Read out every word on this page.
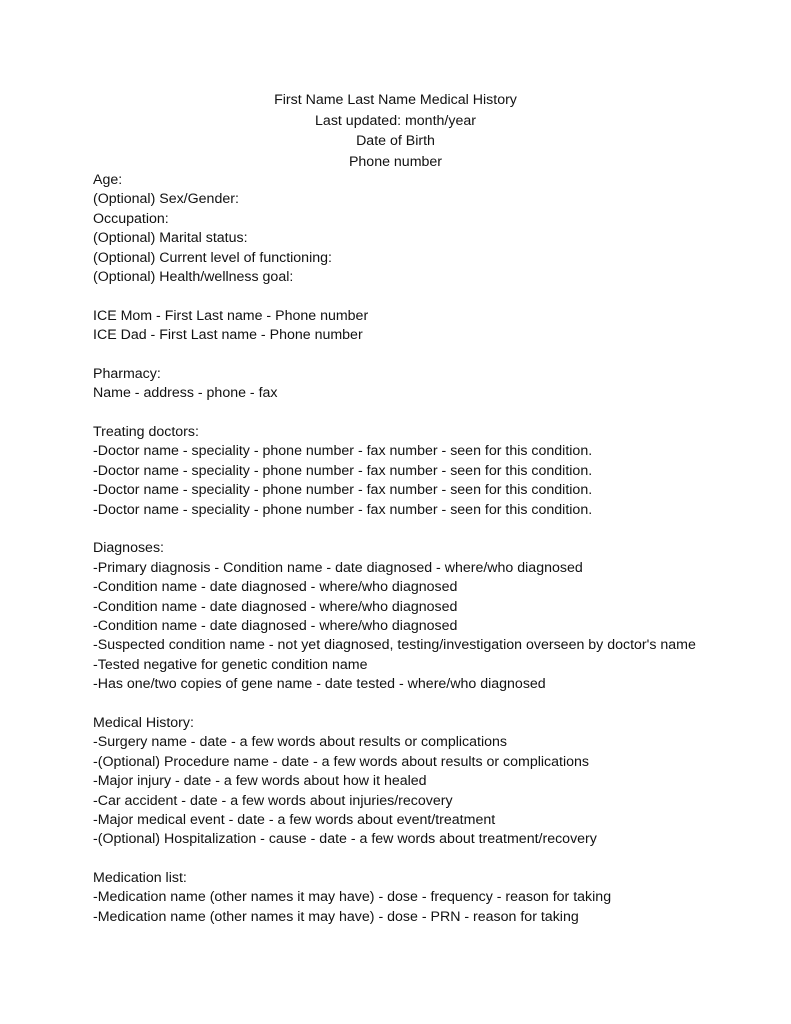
First Name Last Name Medical History
Last updated: month/year
Date of Birth
Phone number
Age:
(Optional) Sex/Gender:
Occupation:
(Optional) Marital status:
(Optional) Current level of functioning:
(Optional) Health/wellness goal:
ICE Mom - First Last name - Phone number
ICE Dad - First Last name - Phone number
Pharmacy:
Name - address - phone - fax
Treating doctors:
-Doctor name - speciality - phone number - fax number - seen for this condition.
-Doctor name - speciality - phone number - fax number - seen for this condition.
-Doctor name - speciality - phone number - fax number - seen for this condition.
-Doctor name - speciality - phone number - fax number - seen for this condition.
Diagnoses:
-Primary diagnosis - Condition name - date diagnosed - where/who diagnosed
-Condition name - date diagnosed - where/who diagnosed
-Condition name - date diagnosed - where/who diagnosed
-Condition name - date diagnosed - where/who diagnosed
-Suspected condition name - not yet diagnosed, testing/investigation overseen by doctor's name
-Tested negative for genetic condition name
-Has one/two copies of gene name - date tested - where/who diagnosed
Medical History:
-Surgery name - date - a few words about results or complications
-(Optional) Procedure name - date - a few words about results or complications
-Major injury - date - a few words about how it healed
-Car accident - date - a few words about injuries/recovery
-Major medical event - date - a few words about event/treatment
-(Optional) Hospitalization - cause - date - a few words about treatment/recovery
Medication list:
-Medication name (other names it may have) - dose - frequency - reason for taking
-Medication name (other names it may have) - dose - PRN - reason for taking
